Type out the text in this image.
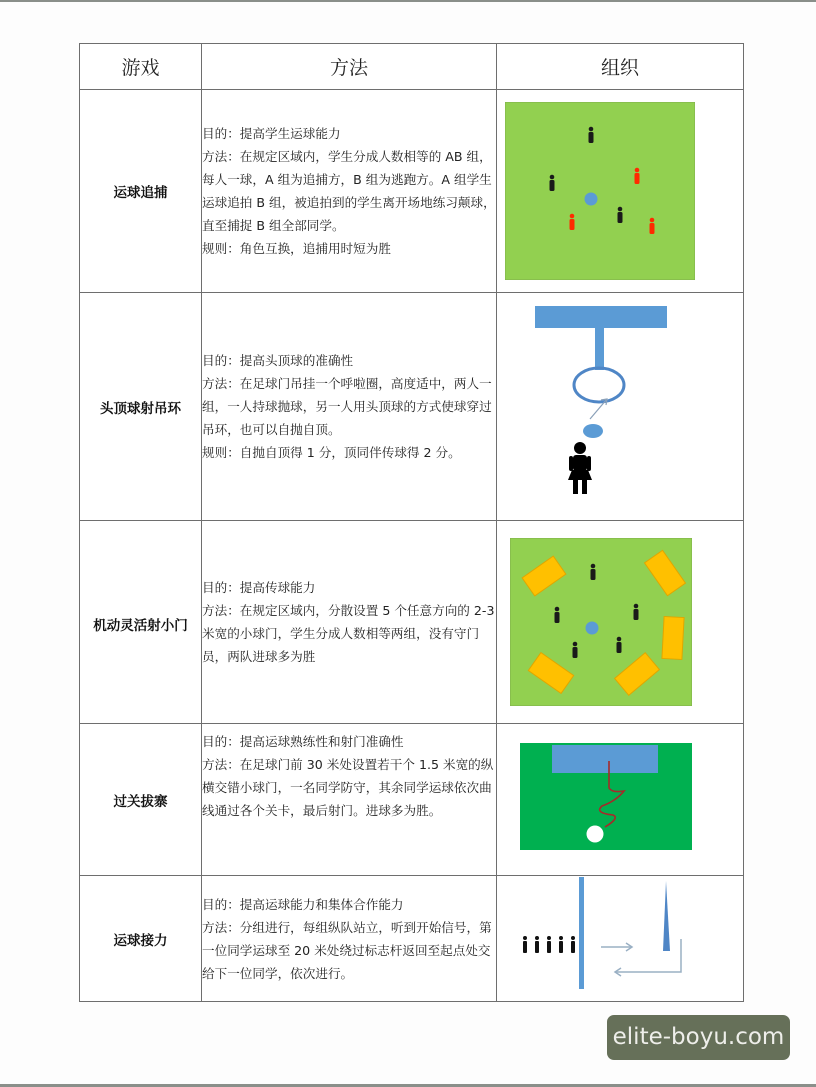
游戏	方法	组织
运球追捕	目的：提高学生运球能力
方法：在规定区域内，学生分成人数相等的 AB 组，每人一球，A 组为追捕方，B 组为逃跑方。A 组学生运球追拍 B 组，被追拍到的学生离开场地练习颠球，直至捕捉 B 组全部同学。
规则：角色互换，追捕用时短为胜

头顶球射吊环	目的：提高头顶球的准确性
方法：在足球门吊挂一个呼啦圈，高度适中，两人一组，一人持球抛球，另一人用头顶球的方式使球穿过吊环，也可以自抛自顶。
规则：自抛自顶得 1 分，顶同伴传球得 2 分。

机动灵活射小门	目的：提高传球能力
方法：在规定区域内，分散设置 5 个任意方向的 2-3 米宽的小球门，学生分成人数相等两组，没有守门员，两队进球多为胜

过关拔寨	目的：提高运球熟练性和射门准确性
方法：在足球门前 30 米处设置若干个 1.5 米宽的纵横交错小球门，一名同学防守，其余同学运球依次曲线通过各个关卡，最后射门。进球多为胜。

运球接力	目的：提高运球能力和集体合作能力
方法：分组进行，每组纵队站立，听到开始信号，第一位同学运球至 20 米处绕过标志杆返回至起点处交给下一位同学，依次进行。

elite-boyu.com
